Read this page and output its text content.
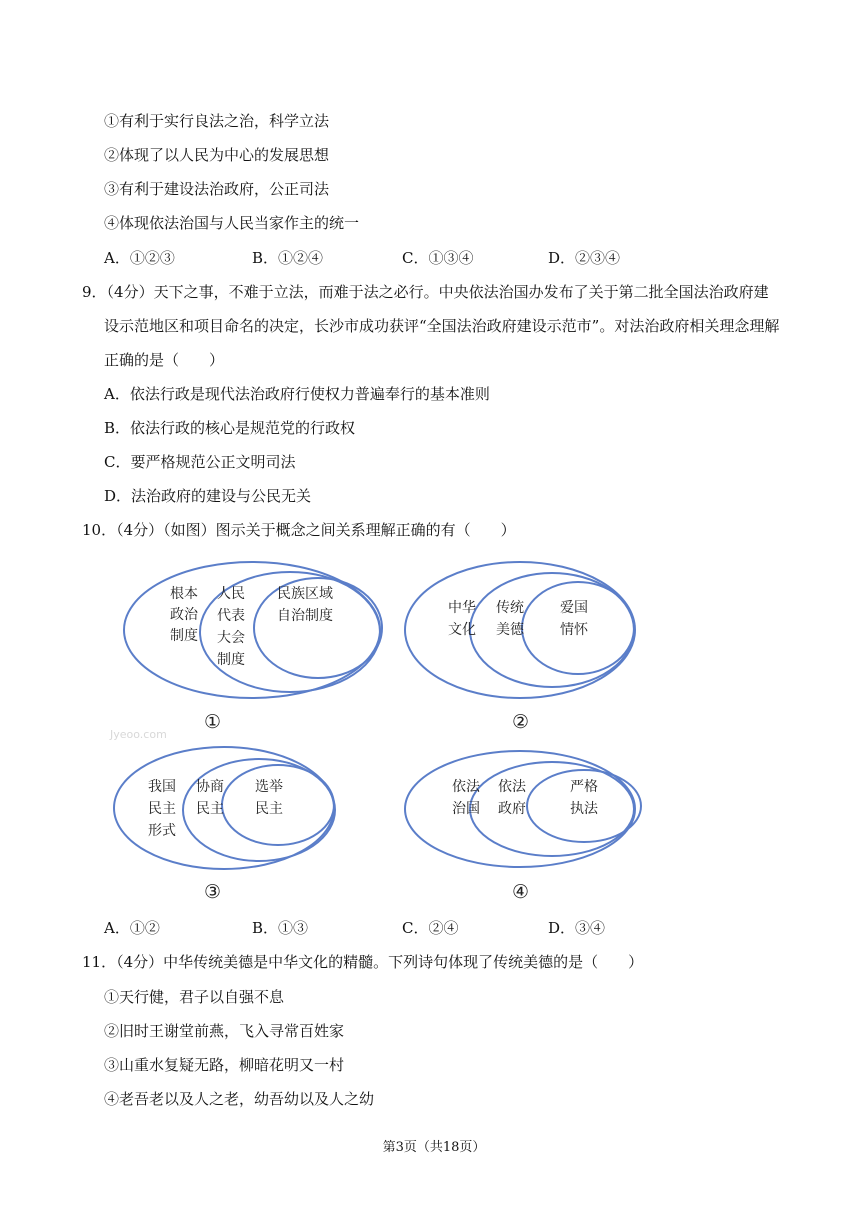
①有利于实行良法之治，科学立法
②体现了以人民为中心的发展思想
③有利于建设法治政府，公正司法
④体现依法治国与人民当家作主的统一
A．①②③	B．①②④	C．①③④	D．②③④
9．（4分）天下之事，不难于立法，而难于法之必行。中央依法治国办发布了关于第二批全国法治政府建
设示范地区和项目命名的决定，长沙市成功获评“全国法治政府建设示范市”。对法治政府相关理念理解
正确的是（　　）
A．依法行政是现代法治政府行使权力普遍奉行的基本准则
B．依法行政的核心是规范党的行政权
C．要严格规范公正文明司法
D．法治政府的建设与公民无关
10．（4分）（如图）图示关于概念之间关系理解正确的有（　　）
Jyeoo.com
根本
政治
制度
人民
代表
大会
制度
民族区域
自治制度
①
中华
文化
传统
美德
爱国
情怀
②
我国
民主
形式
协商
民主
选举
民主
③
依法
治国
依法
政府
严格
执法
④
A．①②	B．①③	C．②④	D．③④
11．（4分）中华传统美德是中华文化的精髓。下列诗句体现了传统美德的是（　　）
①天行健，君子以自强不息
②旧时王谢堂前燕，飞入寻常百姓家
③山重水复疑无路，柳暗花明又一村
④老吾老以及人之老，幼吾幼以及人之幼
第3页（共18页）
